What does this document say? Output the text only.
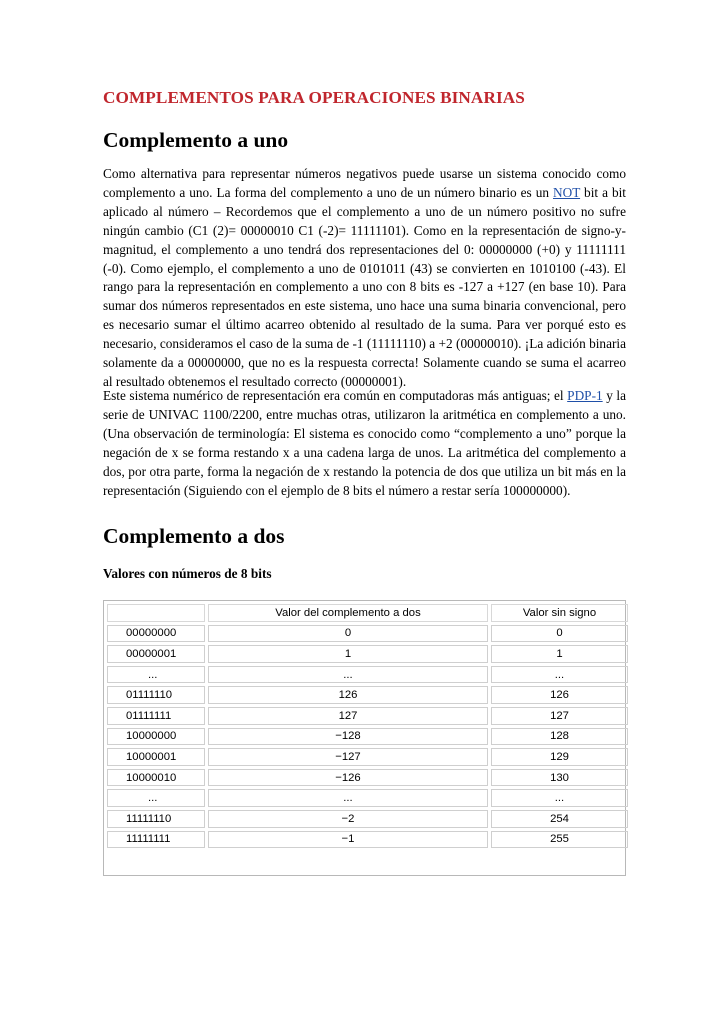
COMPLEMENTOS PARA OPERACIONES BINARIAS
Complemento a uno

Como alternativa para representar números negativos puede usarse un sistema conocido como complemento a uno. La forma del complemento a uno de un número binario es un NOT bit a bit aplicado al número – Recordemos que el complemento a uno de un número positivo no sufre ningún cambio (C1 (2)= 00000010 C1 (-2)= 11111101). Como en la representación de signo-y-magnitud, el complemento a uno tendrá dos representaciones del 0: 00000000 (+0) y 11111111 (-0). Como ejemplo, el complemento a uno de 0101011 (43) se convierten en 1010100 (-43). El rango para la representación en complemento a uno con 8 bits es -127 a +127 (en base 10). Para sumar dos números representados en este sistema, uno hace una suma binaria convencional, pero es necesario sumar el último acarreo obtenido al resultado de la suma. Para ver porqué esto es necesario, consideramos el caso de la suma de -1 (11111110) a +2 (00000010). ¡La adición binaria solamente da a 00000000, que no es la respuesta correcta! Solamente cuando se suma el acarreo al resultado obtenemos el resultado correcto (00000001).

Este sistema numérico de representación era común en computadoras más antiguas; el PDP-1 y la serie de UNIVAC 1100/2200, entre muchas otras, utilizaron la aritmética en complemento a uno. (Una observación de terminología: El sistema es conocido como “complemento a uno” porque la negación de x se forma restando x a una cadena larga de unos. La aritmética del complemento a dos, por otra parte, forma la negación de x restando la potencia de dos que utiliza un bit más en la representación (Siguiendo con el ejemplo de 8 bits el número a restar sería 100000000).

Complemento a dos
Valores con números de 8 bits
	Valor del complemento a dos	Valor sin signo
00000000	0	0
00000001	1	1
...	...	...
01111110	126	126
01111111	127	127
10000000	−128	128
10000001	−127	129
10000010	−126	130
...	...	...
11111110	−2	254
11111111	−1	255
